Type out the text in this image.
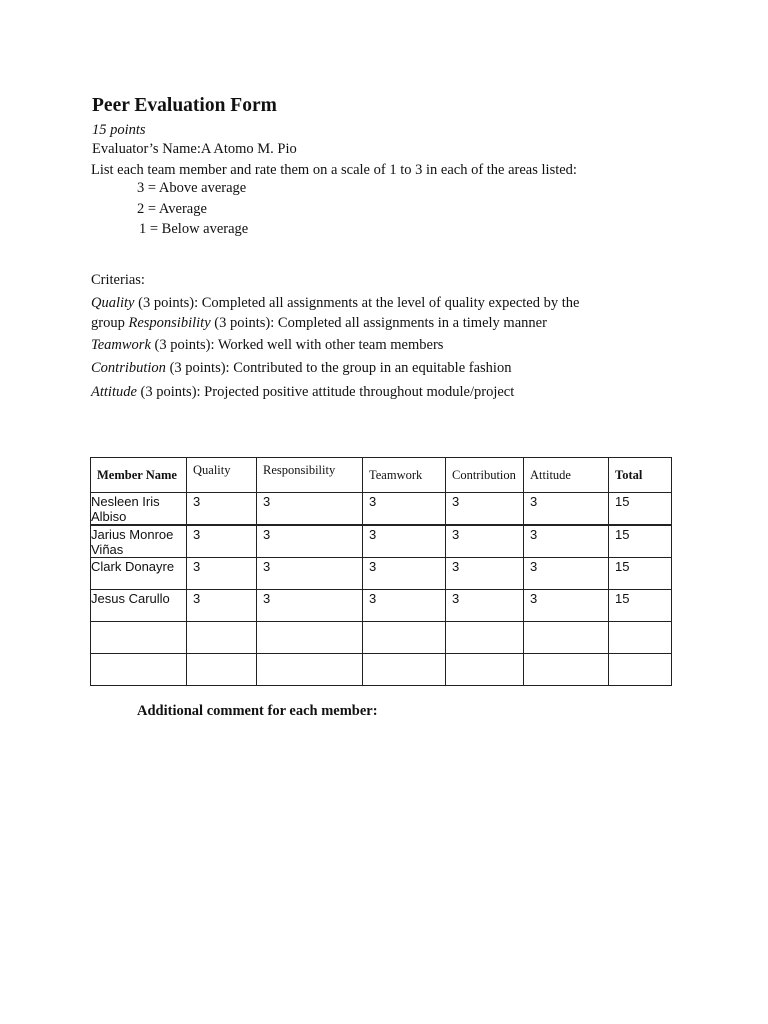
Peer Evaluation Form
15 points
Evaluator’s Name:A Atomo M. Pio
List each team member and rate them on a scale of 1 to 3 in each of the areas listed:
3 = Above average
2 = Average
1 = Below average
Criterias:
Quality (3 points): Completed all assignments at the level of quality expected by the
group Responsibility (3 points): Completed all assignments in a timely manner
Teamwork (3 points): Worked well with other team members
Contribution (3 points): Contributed to the group in an equitable fashion
Attitude (3 points): Projected positive attitude throughout module/project
Member Name	Quality	Responsibility	Teamwork	Contribution	Attitude	Total
Nesleen Iris Albiso	3	3	3	3	3	15
Jarius Monroe Viñas	3	3	3	3	3	15
Clark Donayre	3	3	3	3	3	15
Jesus Carullo	3	3	3	3	3	15

Additional comment for each member:
